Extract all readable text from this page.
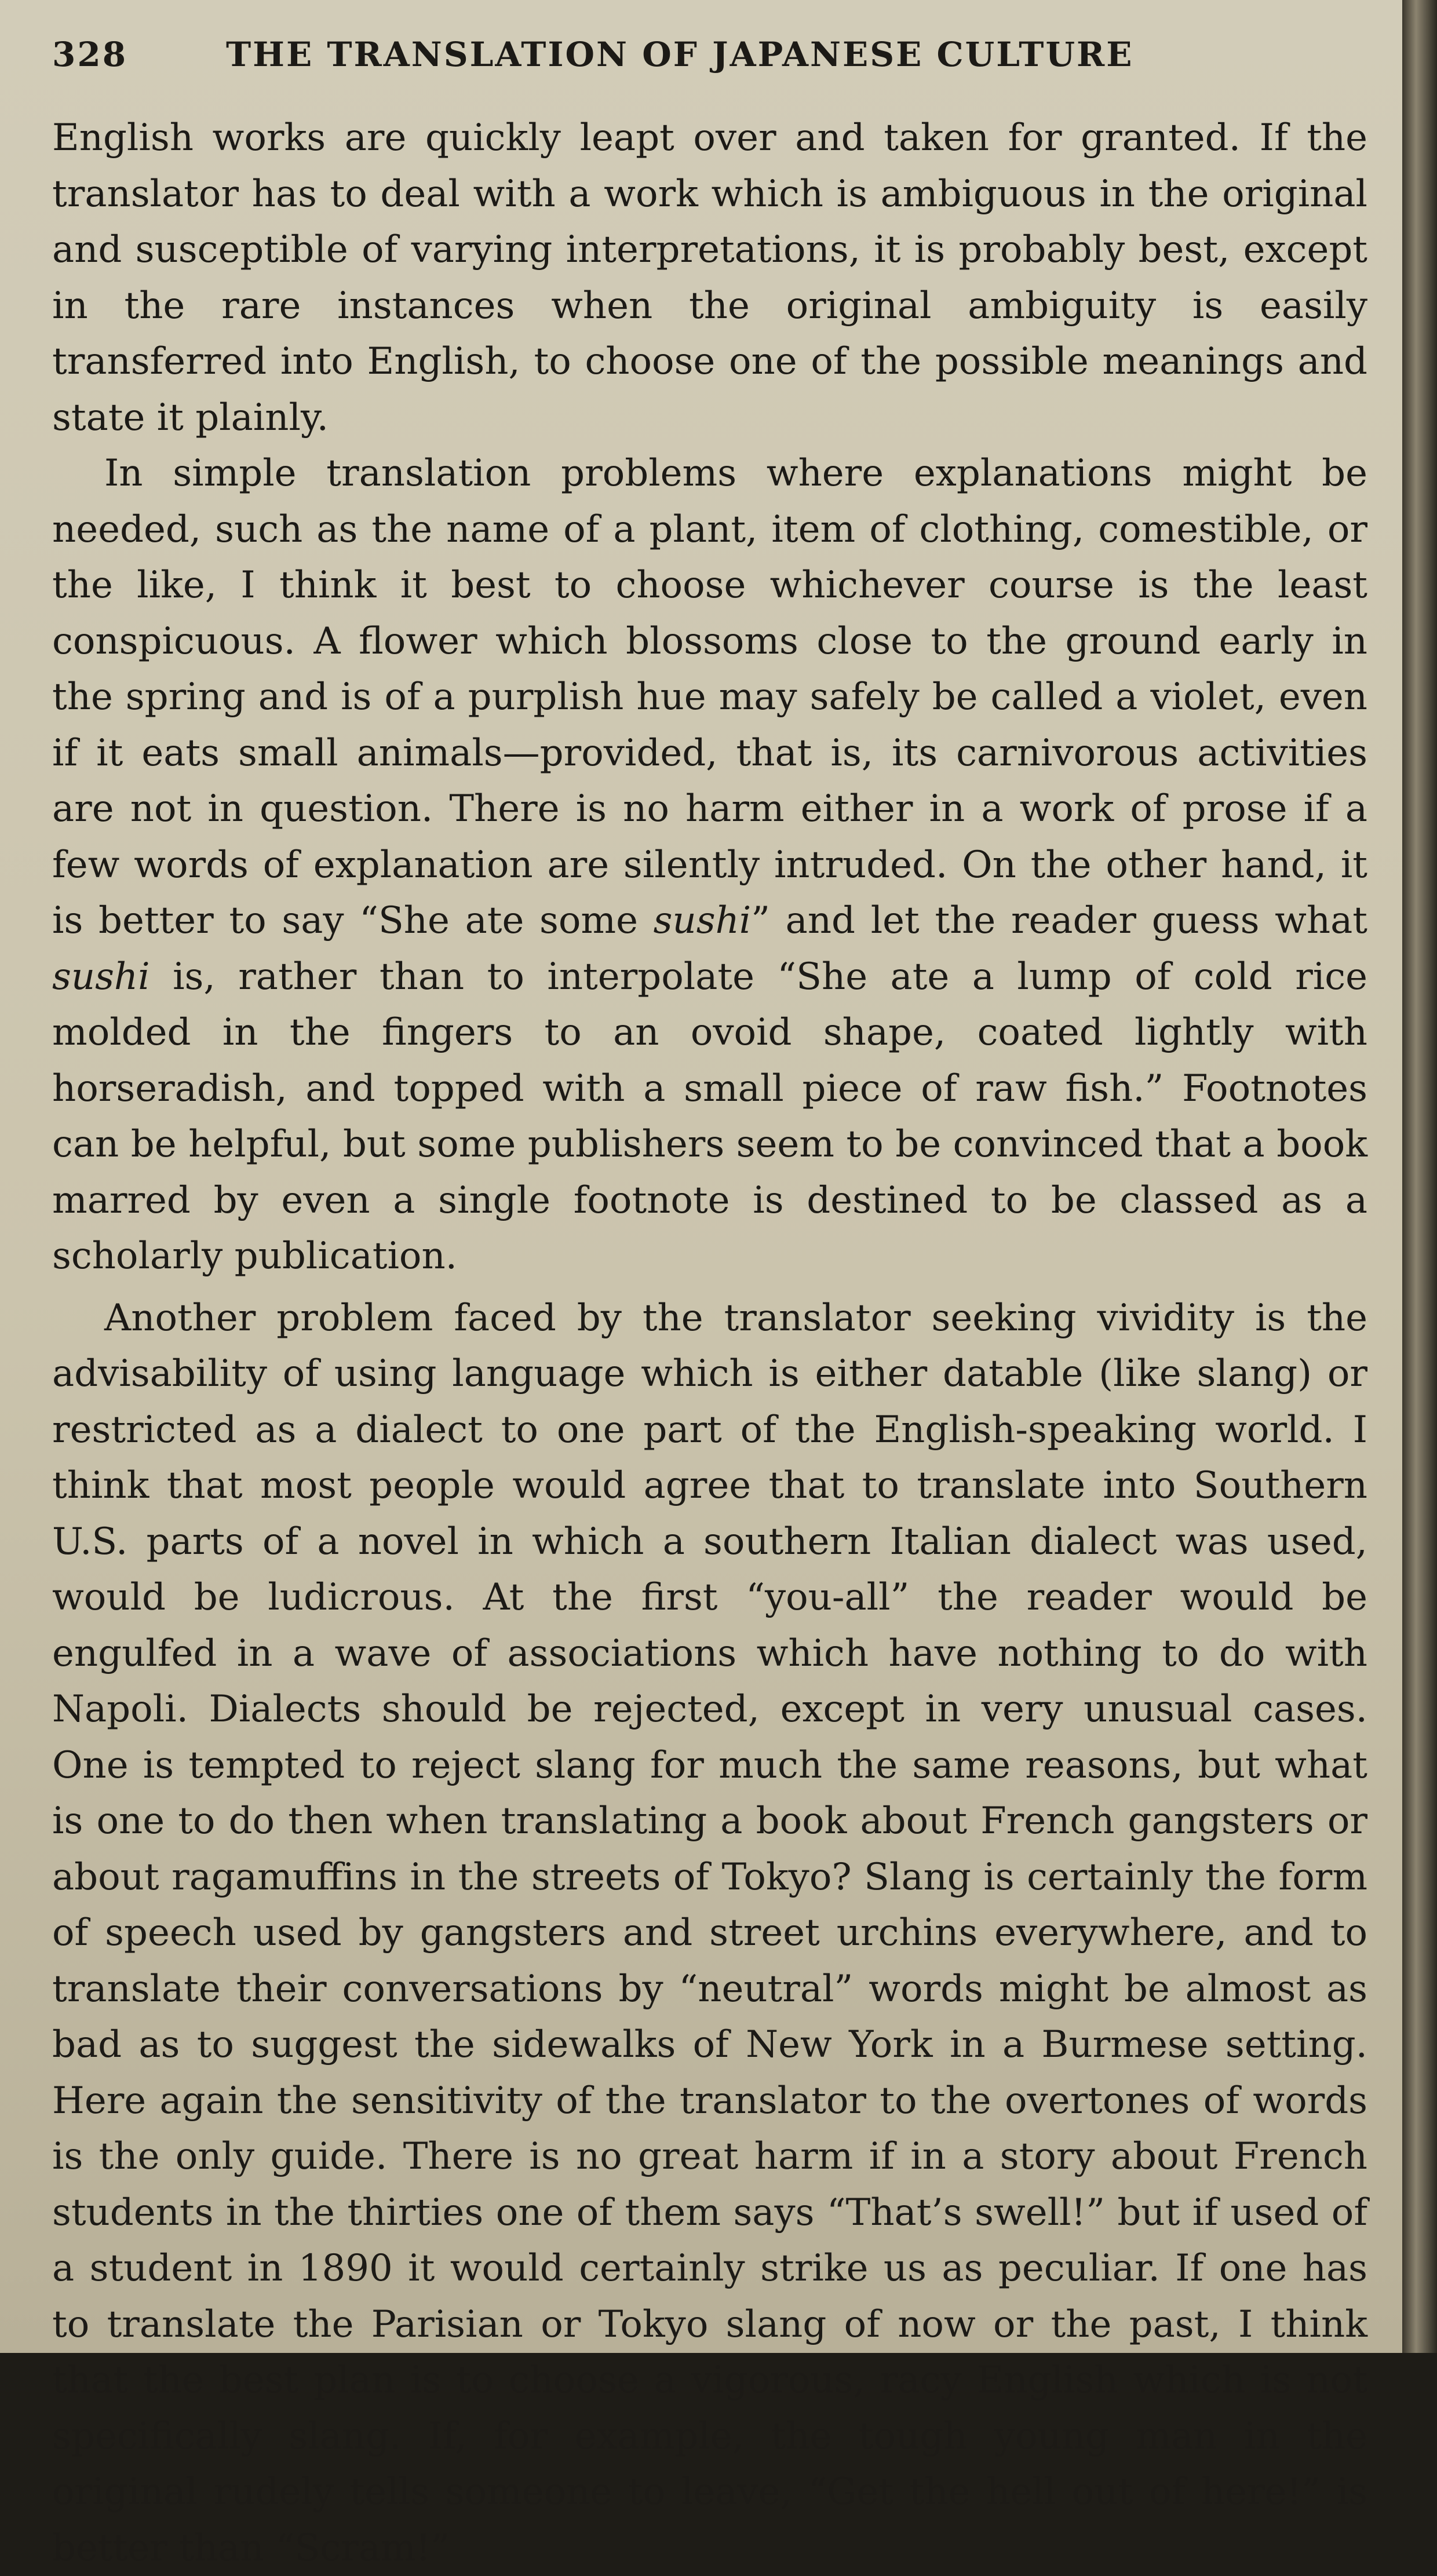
328	THE TRANSLATION OF JAPANESE CULTURE

English works are quickly leapt over and taken for granted. If the translator has to deal with a work which is ambiguous in the original and susceptible of varying interpretations, it is probably best, except in the rare instances when the original ambiguity is easily transferred into English, to choose one of the possible meanings and state it plainly.

In simple translation problems where explanations might be needed, such as the name of a plant, item of clothing, comestible, or the like, I think it best to choose whichever course is the least conspicuous. A flower which blossoms close to the ground early in the spring and is of a purplish hue may safely be called a violet, even if it eats small animals—provided, that is, its carnivorous activities are not in question. There is no harm either in a work of prose if a few words of explanation are silently intruded. On the other hand, it is better to say “She ate some sushi” and let the reader guess what sushi is, rather than to interpolate “She ate a lump of cold rice molded in the fingers to an ovoid shape, coated lightly with horseradish, and topped with a small piece of raw fish.” Footnotes can be helpful, but some publishers seem to be convinced that a book marred by even a single footnote is destined to be classed as a scholarly publication.

Another problem faced by the translator seeking vividity is the advisability of using language which is either datable (like slang) or restricted as a dialect to one part of the English-speaking world. I think that most people would agree that to translate into Southern U.S. parts of a novel in which a southern Italian dialect was used, would be ludicrous. At the first “you-all” the reader would be engulfed in a wave of associations which have nothing to do with Napoli. Dialects should be rejected, except in very unusual cases. One is tempted to reject slang for much the same reasons, but what is one to do then when translating a book about French gangsters or about ragamuffins in the streets of Tokyo? Slang is certainly the form of speech used by gangsters and street urchins everywhere, and to translate their conversations by “neutral” words might be almost as bad as to suggest the sidewalks of New York in a Burmese setting. Here again the sensitivity of the translator to the overtones of words is the only guide. There is no great harm if in a story about French students in the thirties one of them says “That’s swell!” but if used of a student in 1890 it would certainly strike us as peculiar. If one has to translate the Parisian or Tokyo slang of now or the past, I think that the best plan is to choose a vigorous, racy English which is not specifically slang. If, for example, the tough young man in the original rudely tells someone to leave, “Get the hell out of here!” is better than “Scram!”
